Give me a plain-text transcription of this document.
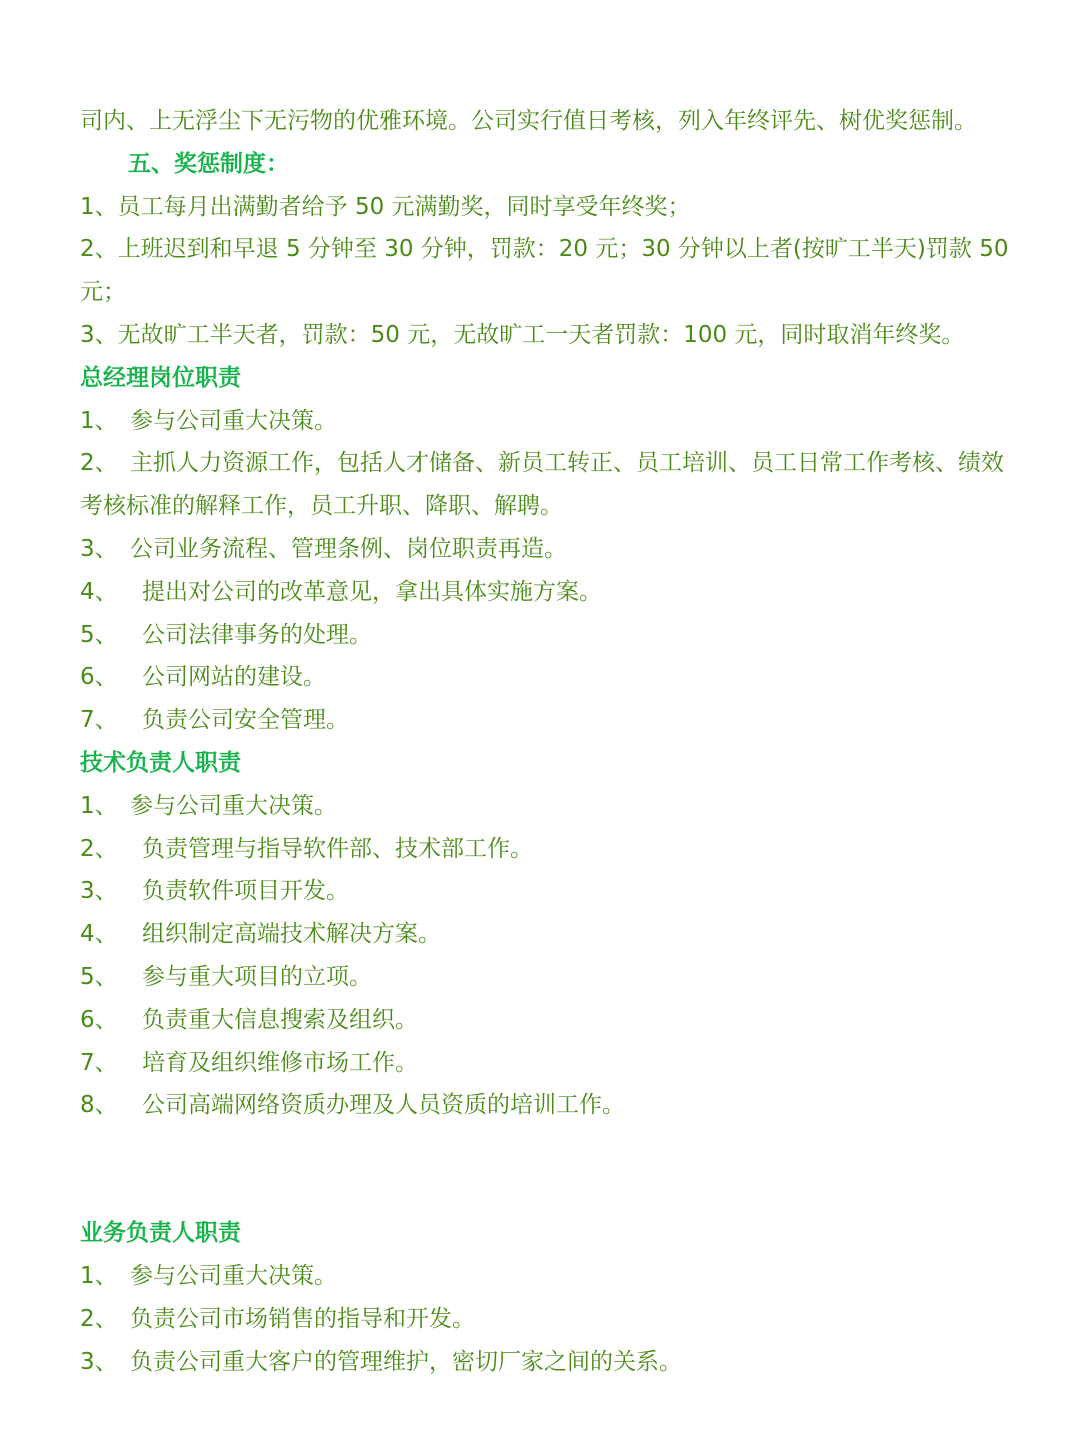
司内、上无浮尘下无污物的优雅环境。公司实行值日考核，列入年终评先、树优奖惩制。
五、奖惩制度：
1、员工每月出满勤者给予 50 元满勤奖，同时享受年终奖；
2、上班迟到和早退 5 分钟至 30 分钟，罚款：20 元；30 分钟以上者(按旷工半天)罚款 50 元；
3、无故旷工半天者，罚款：50 元，无故旷工一天者罚款：100 元，同时取消年终奖。
总经理岗位职责
1、 参与公司重大决策。
2、 主抓人力资源工作，包括人才储备、新员工转正、员工培训、员工日常工作考核、绩效考核标准的解释工作，员工升职、降职、解聘。
3、 公司业务流程、管理条例、岗位职责再造。
4、 提出对公司的改革意见，拿出具体实施方案。
5、 公司法律事务的处理。
6、 公司网站的建设。
7、 负责公司安全管理。
技术负责人职责
1、 参与公司重大决策。
2、 负责管理与指导软件部、技术部工作。
3、 负责软件项目开发。
4、 组织制定高端技术解决方案。
5、 参与重大项目的立项。
6、 负责重大信息搜索及组织。
7、 培育及组织维修市场工作。
8、 公司高端网络资质办理及人员资质的培训工作。
业务负责人职责
1、 参与公司重大决策。
2、 负责公司市场销售的指导和开发。
3、 负责公司重大客户的管理维护，密切厂家之间的关系。
